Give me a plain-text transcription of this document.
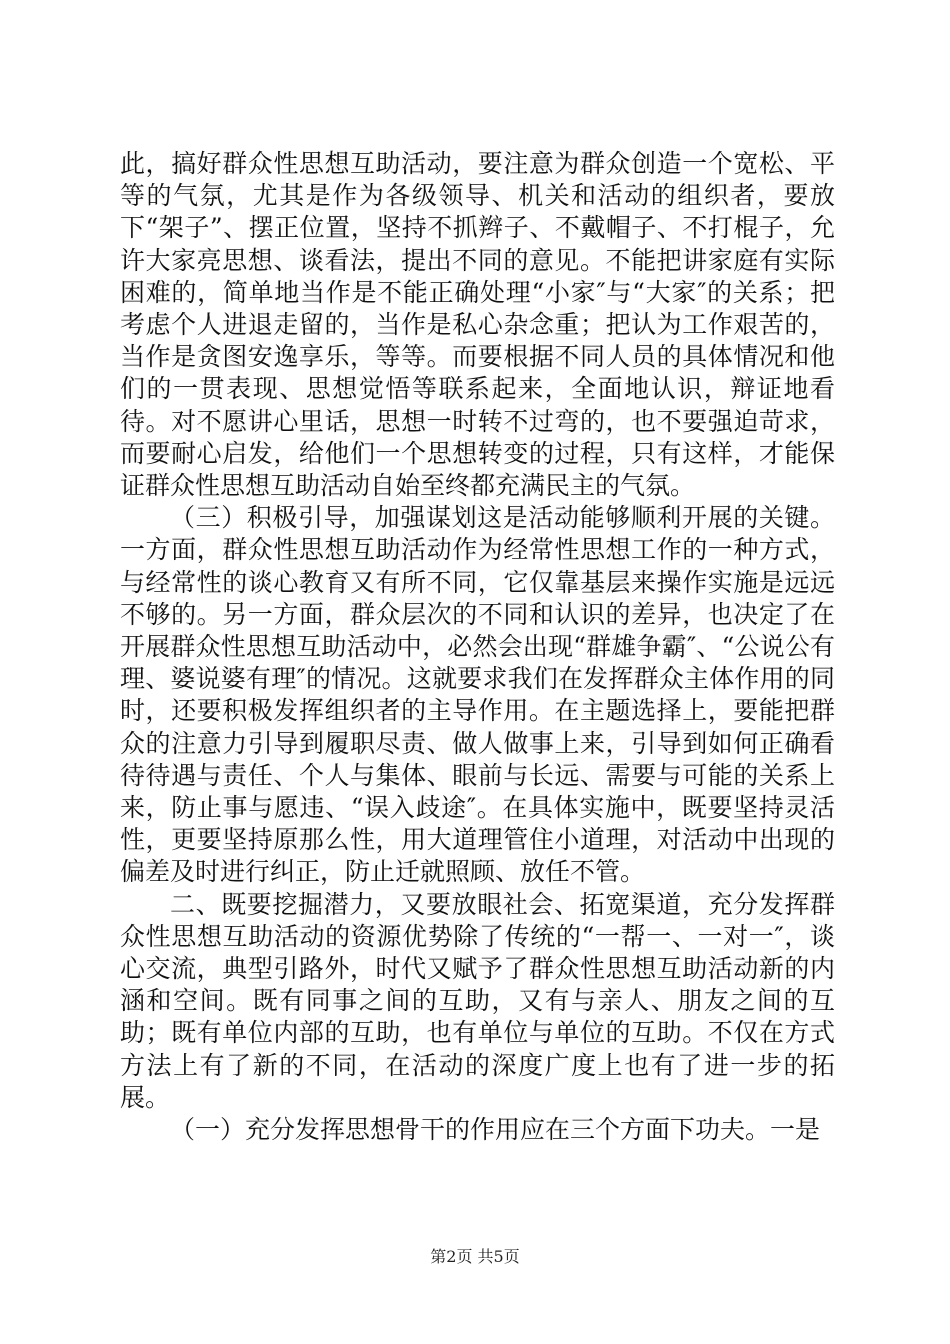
此，搞好群众性思想互助活动，要注意为群众创造一个宽松、平等的气氛，尤其是作为各级领导、机关和活动的组织者，要放下“架子”、摆正位置，坚持不抓辫子、不戴帽子、不打棍子，允许大家亮思想、谈看法，提出不同的意见。不能把讲家庭有实际困难的，简单地当作是不能正确处理“小家″与“大家″的关系；把考虑个人进退走留的，当作是私心杂念重；把认为工作艰苦的，当作是贪图安逸享乐，等等。而要根据不同人员的具体情况和他们的一贯表现、思想觉悟等联系起来，全面地认识，辩证地看待。对不愿讲心里话，思想一时转不过弯的，也不要强迫苛求，而要耐心启发，给他们一个思想转变的过程，只有这样，才能保证群众性思想互助活动自始至终都充满民主的气氛。

（三）积极引导，加强谋划这是活动能够顺利开展的关键。一方面，群众性思想互助活动作为经常性思想工作的一种方式，与经常性的谈心教育又有所不同，它仅靠基层来操作实施是远远不够的。另一方面，群众层次的不同和认识的差异，也决定了在开展群众性思想互助活动中，必然会出现“群雄争霸″、“公说公有理、婆说婆有理″的情况。这就要求我们在发挥群众主体作用的同时，还要积极发挥组织者的主导作用。在主题选择上，要能把群众的注意力引导到履职尽责、做人做事上来，引导到如何正确看待待遇与责任、个人与集体、眼前与长远、需要与可能的关系上来，防止事与愿违、“误入歧途″。在具体实施中，既要坚持灵活性，更要坚持原那么性，用大道理管住小道理，对活动中出现的偏差及时进行纠正，防止迁就照顾、放任不管。

二、既要挖掘潜力，又要放眼社会、拓宽渠道，充分发挥群众性思想互助活动的资源优势除了传统的“一帮一、一对一″，谈心交流，典型引路外，时代又赋予了群众性思想互助活动新的内涵和空间。既有同事之间的互助，又有与亲人、朋友之间的互助；既有单位内部的互助，也有单位与单位的互助。不仅在方式方法上有了新的不同，在活动的深度广度上也有了进一步的拓展。

（一）充分发挥思想骨干的作用应在三个方面下功夫。一是

第2页 共5页
